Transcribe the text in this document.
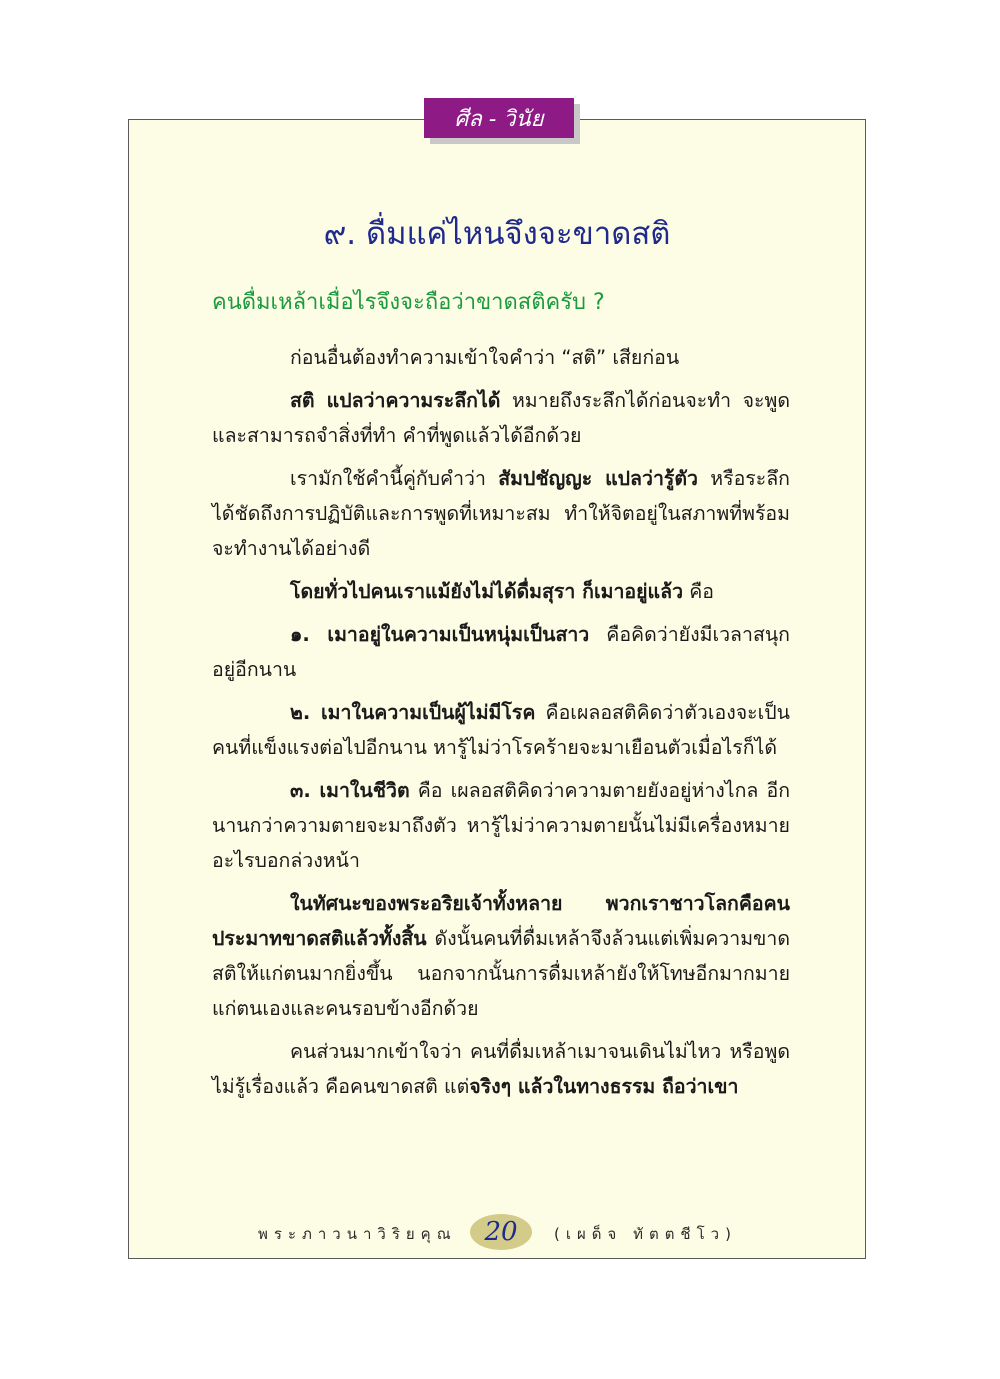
ศีล - วินัย
๙. ดื่มแค่ไหนจึงจะขาดสติ
คนดื่มเหล้าเมื่อไรจึงจะถือว่าขาดสติครับ ?

ก่อนอื่นต้องทำความเข้าใจคำว่า “สติ” เสียก่อน

สติ แปลว่าความระลึกได้ หมายถึงระลึกได้ก่อนจะทำ จะพูด และสามารถจำสิ่งที่ทำ คำที่พูดแล้วได้อีกด้วย

เรามักใช้คำนี้คู่กับคำว่า สัมปชัญญะ แปลว่ารู้ตัว หรือระลึกได้ชัดถึงการปฏิบัติและการพูดที่เหมาะสม ทำให้จิตอยู่ในสภาพที่พร้อมจะทำงานได้อย่างดี

โดยทั่วไปคนเราแม้ยังไม่ได้ดื่มสุรา ก็เมาอยู่แล้ว คือ

๑. เมาอยู่ในความเป็นหนุ่มเป็นสาว คือคิดว่ายังมีเวลาสนุกอยู่อีกนาน

๒. เมาในความเป็นผู้ไม่มีโรค คือเผลอสติคิดว่าตัวเองจะเป็นคนที่แข็งแรงต่อไปอีกนาน หารู้ไม่ว่าโรคร้ายจะมาเยือนตัวเมื่อไรก็ได้

๓. เมาในชีวิต คือ เผลอสติคิดว่าความตายยังอยู่ห่างไกล อีกนานกว่าความตายจะมาถึงตัว หารู้ไม่ว่าความตายนั้นไม่มีเครื่องหมายอะไรบอกล่วงหน้า

ในทัศนะของพระอริยเจ้าทั้งหลาย พวกเราชาวโลกคือคนประมาทขาดสติแล้วทั้งสิ้น ดังนั้นคนที่ดื่มเหล้าจึงล้วนแต่เพิ่มความขาดสติให้แก่ตนมากยิ่งขึ้น นอกจากนั้นการดื่มเหล้ายังให้โทษอีกมากมายแก่ตนเองและคนรอบข้างอีกด้วย

คนส่วนมากเข้าใจว่า คนที่ดื่มเหล้าเมาจนเดินไม่ไหว หรือพูดไม่รู้เรื่องแล้ว คือคนขาดสติ แต่จริงๆ แล้วในทางธรรม ถือว่าเขา

พระภาวนาวิริยคุณ	20	(เผด็จ ทัตตชีโว)
